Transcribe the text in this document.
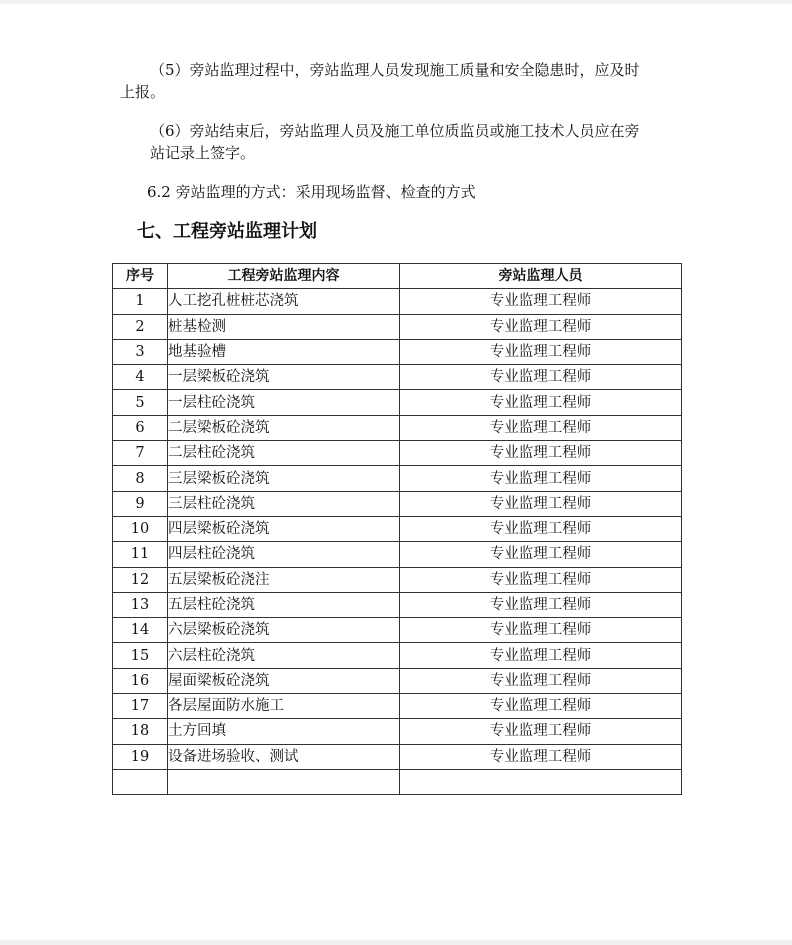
（5）旁站监理过程中，旁站监理人员发现施工质量和安全隐患时，应及时

上报。

（6）旁站结束后，旁站监理人员及施工单位质监员或施工技术人员应在旁

站记录上签字。

6.2 旁站监理的方式：采用现场监督、检查的方式

七、工程旁站监理计划
序号	工程旁站监理内容	旁站监理人员
1	人工挖孔桩桩芯浇筑	专业监理工程师
2	桩基检测	专业监理工程师
3	地基验槽	专业监理工程师
4	一层梁板砼浇筑	专业监理工程师
5	一层柱砼浇筑	专业监理工程师
6	二层梁板砼浇筑	专业监理工程师
7	二层柱砼浇筑	专业监理工程师
8	三层梁板砼浇筑	专业监理工程师
9	三层柱砼浇筑	专业监理工程师
10	四层梁板砼浇筑	专业监理工程师
11	四层柱砼浇筑	专业监理工程师
12	五层梁板砼浇注	专业监理工程师
13	五层柱砼浇筑	专业监理工程师
14	六层梁板砼浇筑	专业监理工程师
15	六层柱砼浇筑	专业监理工程师
16	屋面梁板砼浇筑	专业监理工程师
17	各层屋面防水施工	专业监理工程师
18	土方回填	专业监理工程师
19	设备进场验收、测试	专业监理工程师
